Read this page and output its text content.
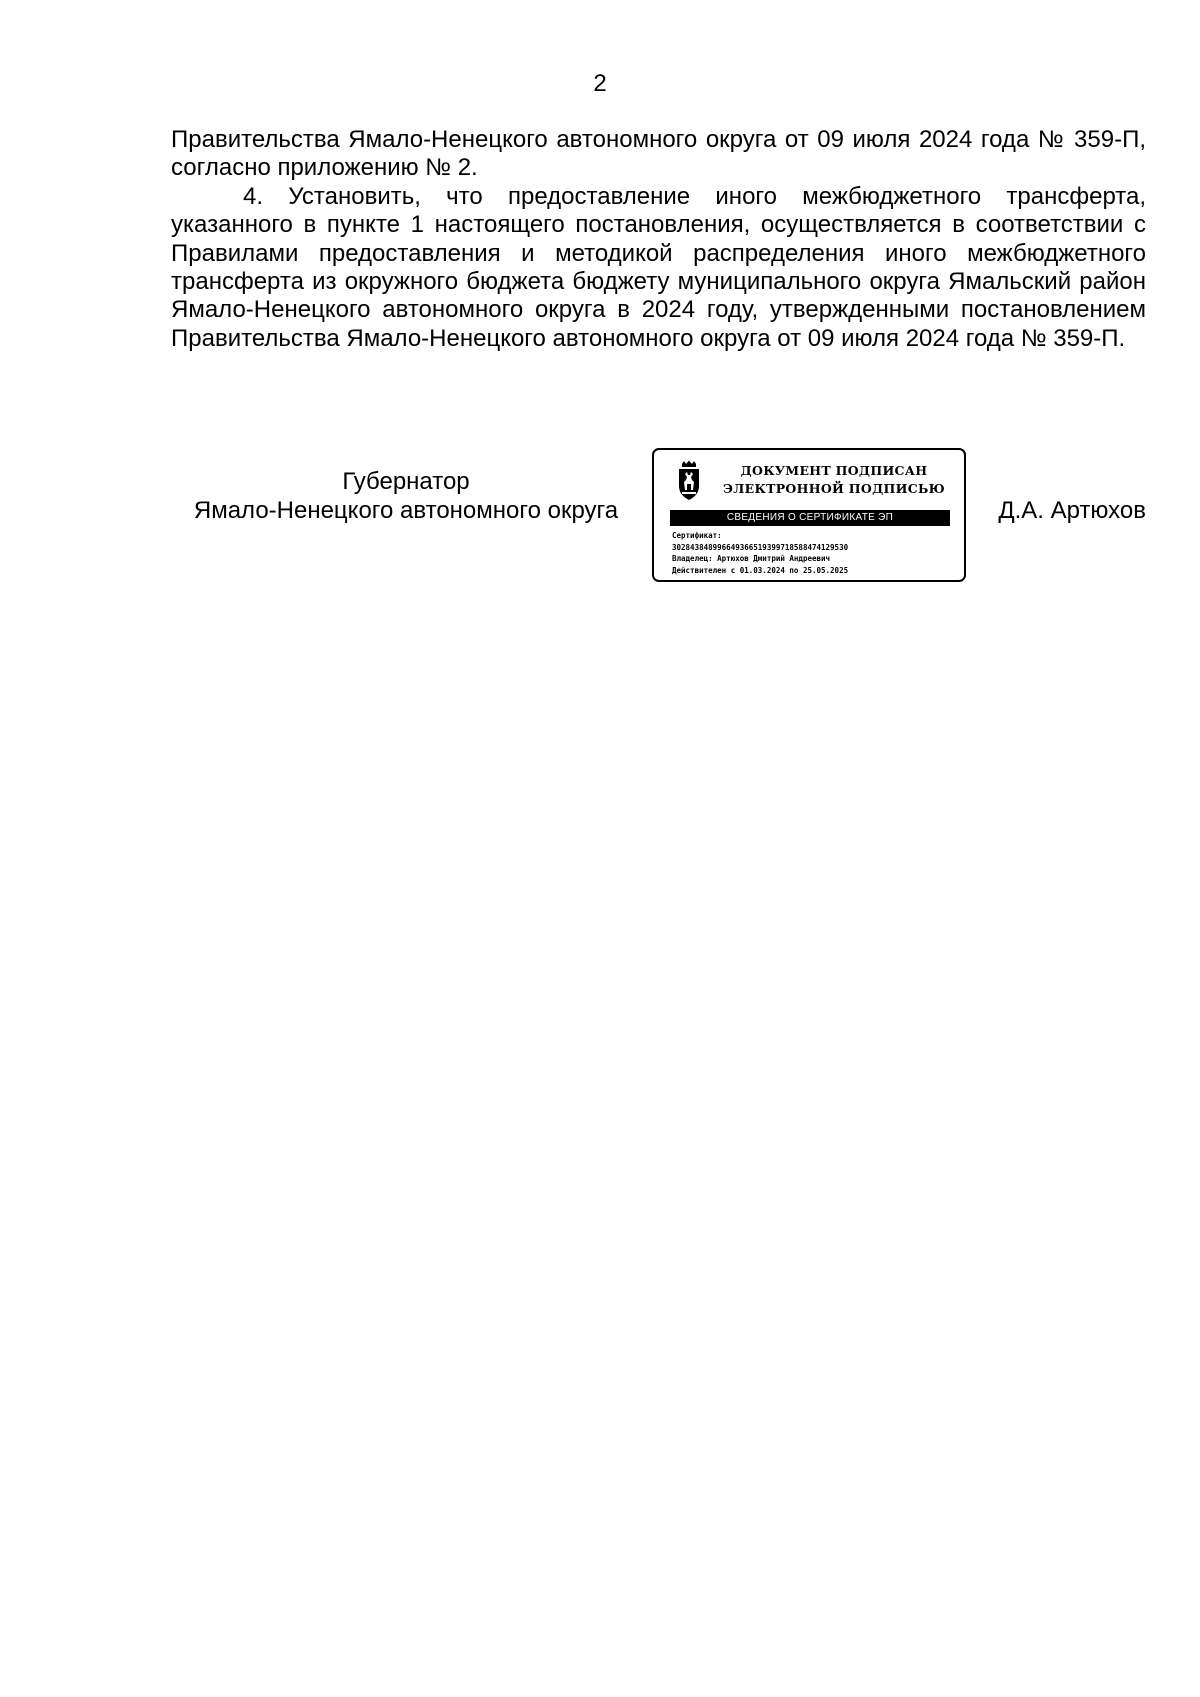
2

Правительства Ямало-Ненецкого автономного округа от 09 июля 2024 года № 359-П, согласно приложению № 2.

4. Установить, что предоставление иного межбюджетного трансферта, указанного в пункте 1 настоящего постановления, осуществляется в соответствии с Правилами предоставления и методикой распределения иного межбюджетного трансферта из окружного бюджета бюджету муниципального округа Ямальский район Ямало-Ненецкого автономного округа в 2024 году, утвержденными постановлением Правительства Ямало-Ненецкого автономного округа от 09 июля 2024 года № 359-П.

Губернатор
Ямало-Ненецкого автономного округа
ДОКУМЕНТ ПОДПИСАН
ЭЛЕКТРОННОЙ ПОДПИСЬЮ
СВЕДЕНИЯ О СЕРТИФИКАТЕ ЭП
Сертификат:
302843848996649366519399718588474129530
Владелец: Артюхов Дмитрий Андреевич
Действителен с 01.03.2024 по 25.05.2025
Д.А. Артюхов
